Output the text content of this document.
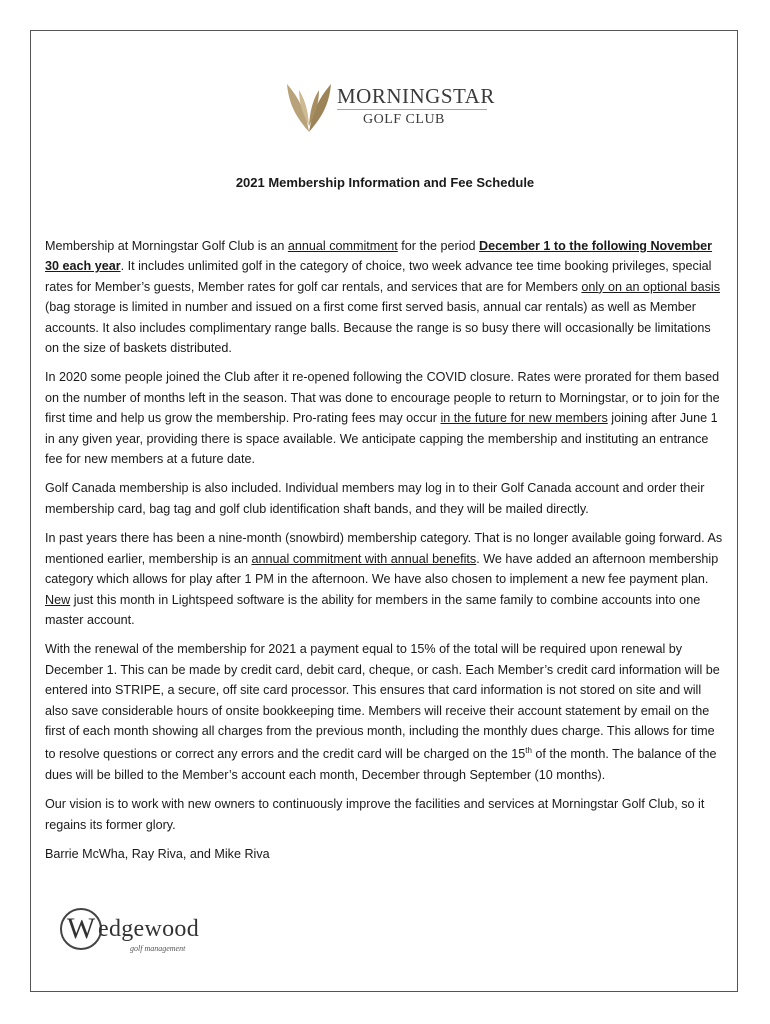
MORNINGSTAR
GOLF CLUB
2021 Membership Information and Fee Schedule

Membership at Morningstar Golf Club is an annual commitment for the period December 1 to the following November 30 each year. It includes unlimited golf in the category of choice, two week advance tee time booking privileges, special rates for Member’s guests, Member rates for golf car rentals, and services that are for Members only on an optional basis (bag storage is limited in number and issued on a first come first served basis, annual car rentals) as well as Member accounts. It also includes complimentary range balls. Because the range is so busy there will occasionally be limitations on the size of baskets distributed.

In 2020 some people joined the Club after it re-opened following the COVID closure. Rates were prorated for them based on the number of months left in the season. That was done to encourage people to return to Morningstar, or to join for the first time and help us grow the membership. Pro-rating fees may occur in the future for new members joining after June 1 in any given year, providing there is space available. We anticipate capping the membership and instituting an entrance fee for new members at a future date.

Golf Canada membership is also included. Individual members may log in to their Golf Canada account and order their membership card, bag tag and golf club identification shaft bands, and they will be mailed directly.

In past years there has been a nine-month (snowbird) membership category. That is no longer available going forward. As mentioned earlier, membership is an annual commitment with annual benefits. We have added an afternoon membership category which allows for play after 1 PM in the afternoon. We have also chosen to implement a new fee payment plan. New just this month in Lightspeed software is the ability for members in the same family to combine accounts into one master account.

With the renewal of the membership for 2021 a payment equal to 15% of the total will be required upon renewal by December 1. This can be made by credit card, debit card, cheque, or cash. Each Member’s credit card information will be entered into STRIPE, a secure, off site card processor. This ensures that card information is not stored on site and will also save considerable hours of onsite bookkeeping time. Members will receive their account statement by email on the first of each month showing all charges from the previous month, including the monthly dues charge. This allows for time to resolve questions or correct any errors and the credit card will be charged on the 15th of the month. The balance of the dues will be billed to the Member’s account each month, December through September (10 months).

Our vision is to work with new owners to continuously improve the facilities and services at Morningstar Golf Club, so it regains its former glory.

Barrie McWha, Ray Riva, and Mike Riva

W edgewood
golf management
